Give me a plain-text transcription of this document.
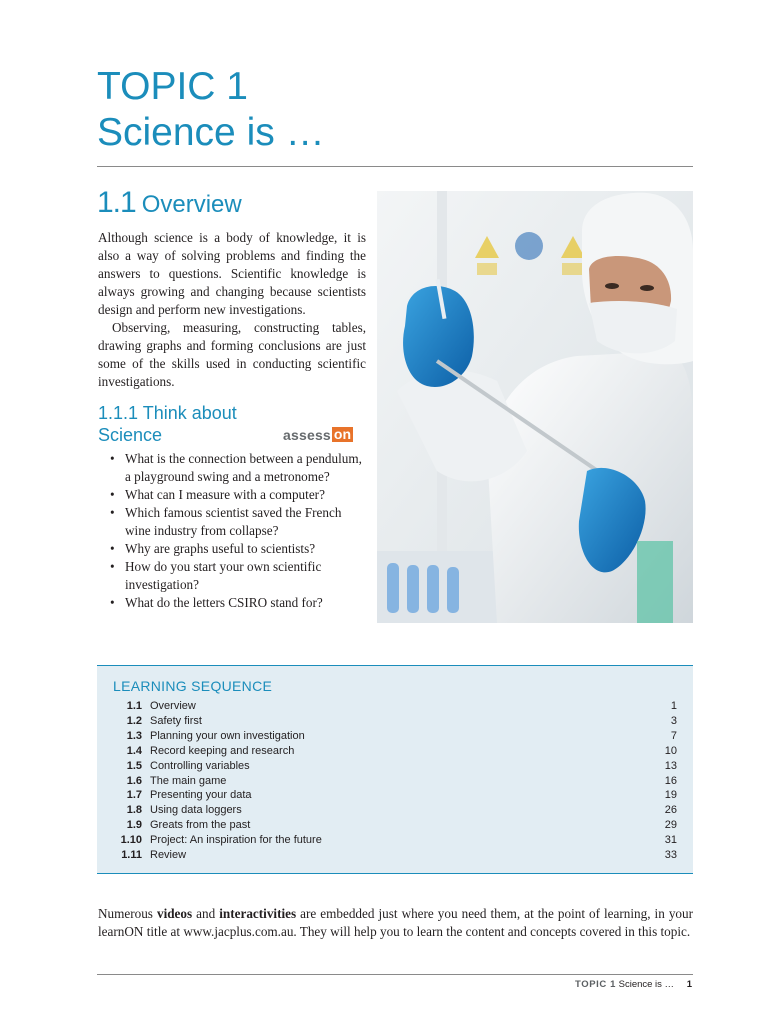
TOPIC 1
Science is …
1.1 Overview

Although science is a body of knowledge, it is also a way of solving problems and finding the answers to questions. Scientific knowledge is always growing and changing because scientists design and perform new investigations.

Observing, measuring, constructing tables, drawing graphs and forming conclusions are just some of the skills used in conducting scientific investigations.

1.1.1 Think about
Science	assess on
• What is the connection between a pendulum, a playground swing and a metronome?
• What can I measure with a computer?
• Which famous scientist saved the French wine industry from collapse?
• Why are graphs useful to scientists?
• How do you start your own scientific investigation?
• What do the letters CSIRO stand for?
LEARNING SEQUENCE
1.1 Overview	1
1.2 Safety first	3
1.3 Planning your own investigation	7
1.4 Record keeping and research	10
1.5 Controlling variables	13
1.6 The main game	16
1.7 Presenting your data	19
1.8 Using data loggers	26
1.9 Greats from the past	29
1.10 Project: An inspiration for the future	31
1.11 Review	33

Numerous videos and interactivities are embedded just where you need them, at the point of learning, in your learnON title at www.jacplus.com.au. They will help you to learn the content and concepts covered in this topic.

TOPIC 1 Science is … 1
